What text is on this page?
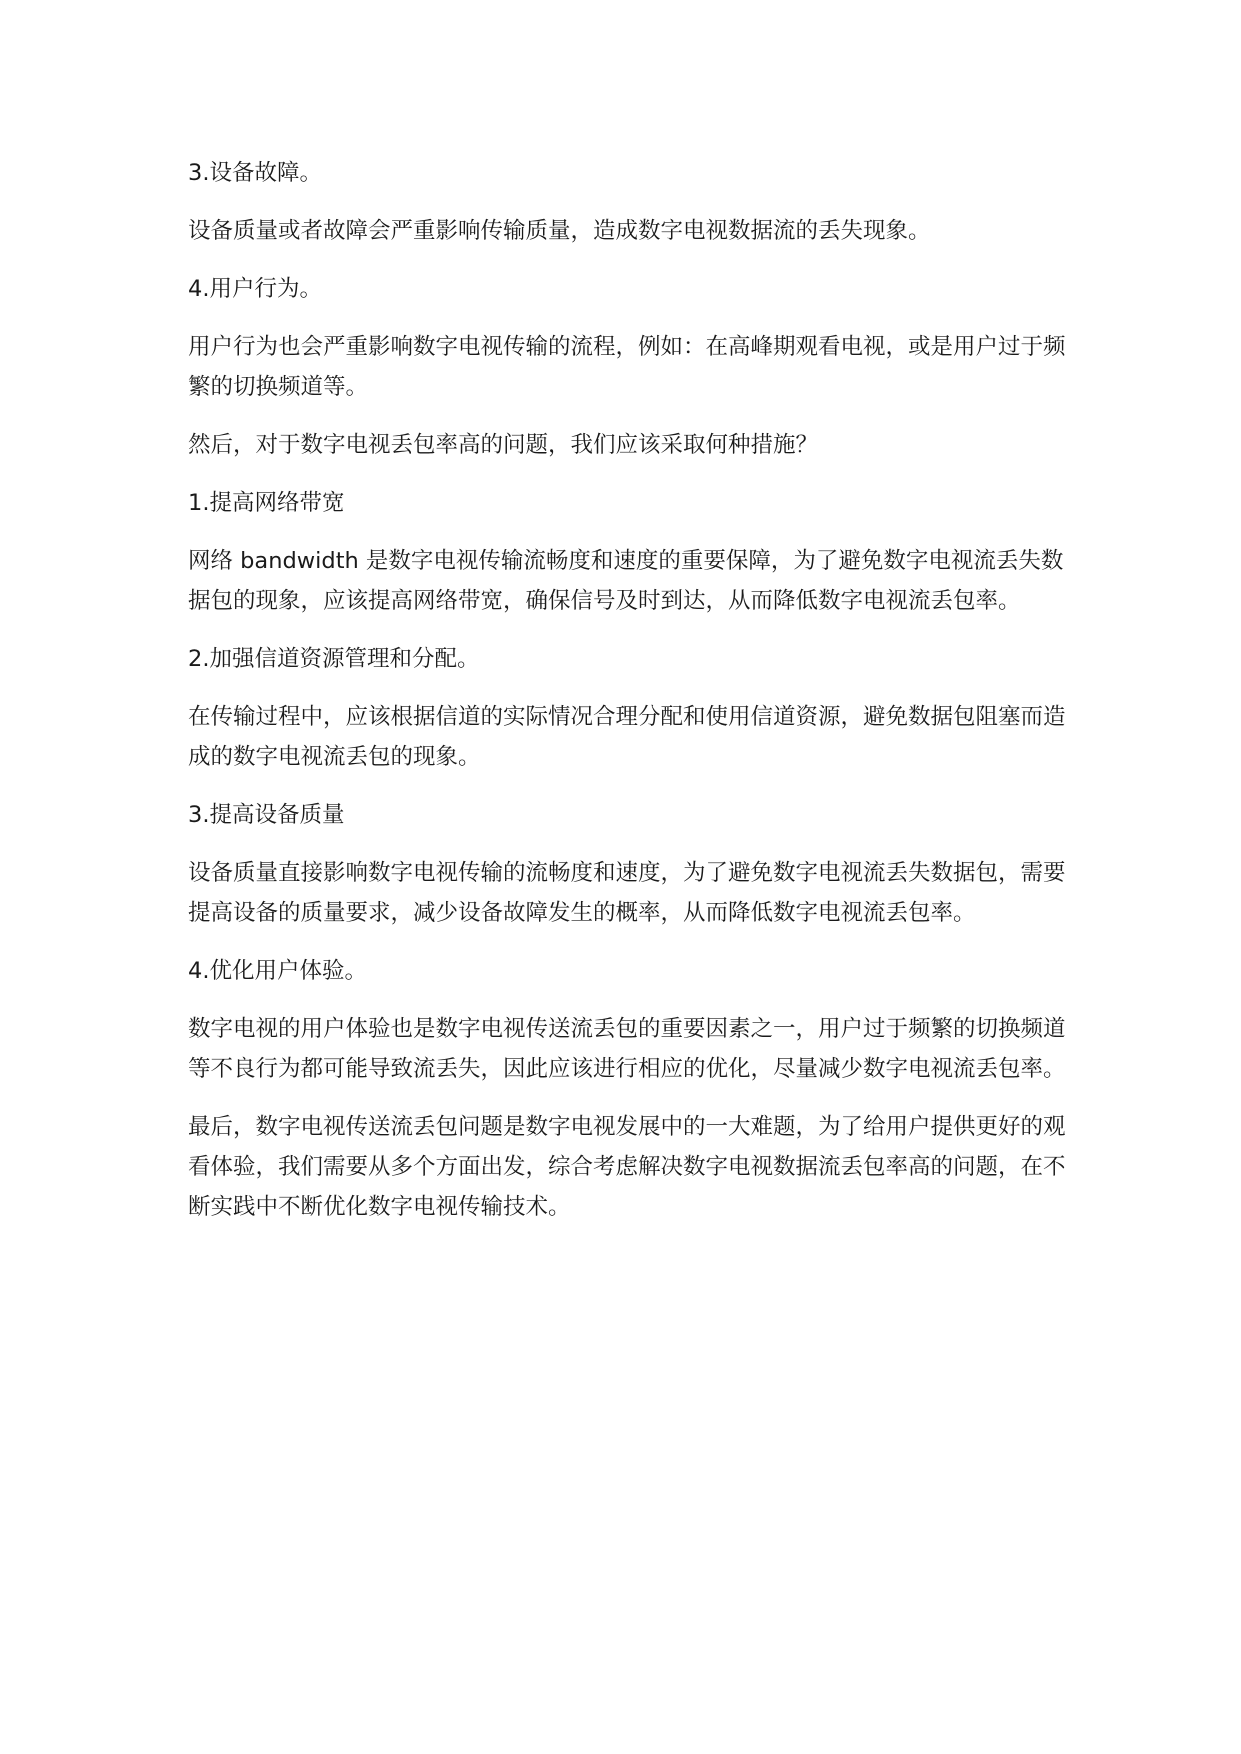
3.设备故障。

设备质量或者故障会严重影响传输质量，造成数字电视数据流的丢失现象。

4.用户行为。

用户行为也会严重影响数字电视传输的流程，例如：在高峰期观看电视，或是用户过于频繁的切换频道等。

然后，对于数字电视丢包率高的问题，我们应该采取何种措施？

1.提高网络带宽

网络 bandwidth 是数字电视传输流畅度和速度的重要保障，为了避免数字电视流丢失数据包的现象，应该提高网络带宽，确保信号及时到达，从而降低数字电视流丢包率。

2.加强信道资源管理和分配。

在传输过程中，应该根据信道的实际情况合理分配和使用信道资源，避免数据包阻塞而造成的数字电视流丢包的现象。

3.提高设备质量

设备质量直接影响数字电视传输的流畅度和速度，为了避免数字电视流丢失数据包，需要提高设备的质量要求，减少设备故障发生的概率，从而降低数字电视流丢包率。

4.优化用户体验。

数字电视的用户体验也是数字电视传送流丢包的重要因素之一，用户过于频繁的切换频道等不良行为都可能导致流丢失，因此应该进行相应的优化，尽量减少数字电视流丢包率。

最后，数字电视传送流丢包问题是数字电视发展中的一大难题，为了给用户提供更好的观看体验，我们需要从多个方面出发，综合考虑解决数字电视数据流丢包率高的问题，在不断实践中不断优化数字电视传输技术。
